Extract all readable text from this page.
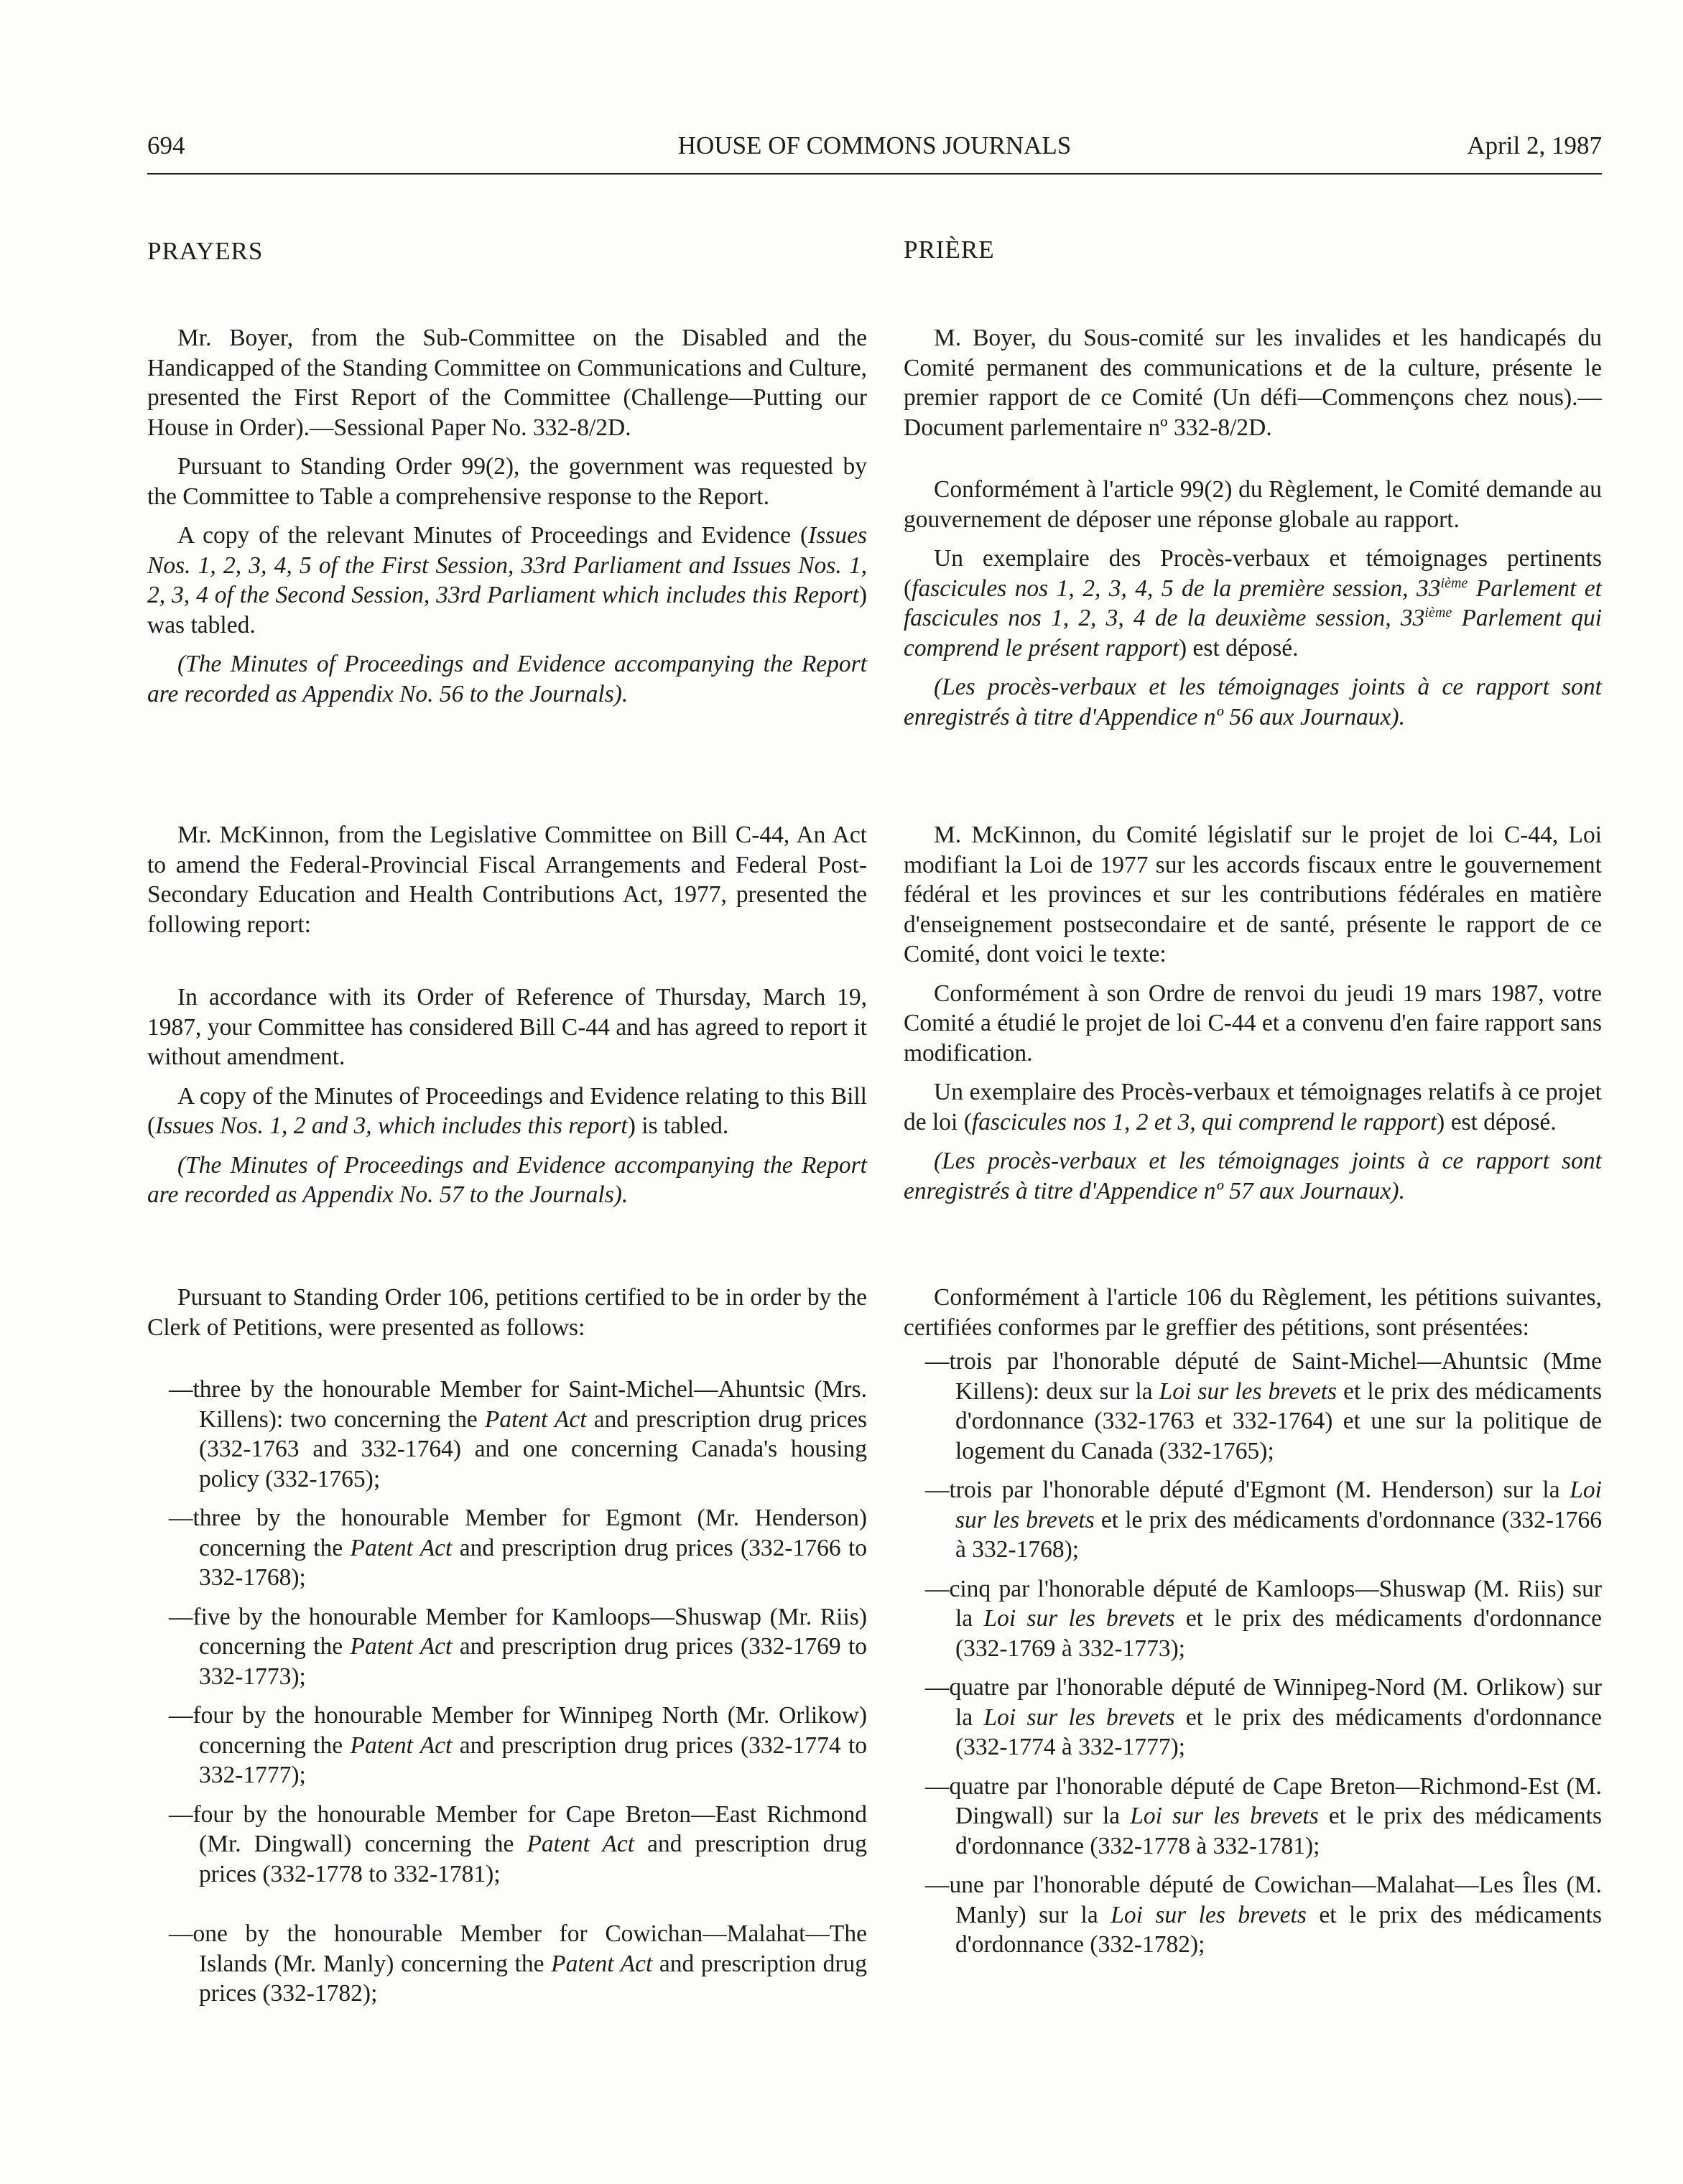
694	HOUSE OF COMMONS JOURNALS	April 2, 1987
PRAYERS

Mr. Boyer, from the Sub-Committee on the Disabled and the Handicapped of the Standing Committee on Communications and Culture, presented the First Report of the Committee (Challenge—Putting our House in Order).—Sessional Paper No. 332-8/2D.

Pursuant to Standing Order 99(2), the government was requested by the Committee to Table a comprehensive response to the Report.

A copy of the relevant Minutes of Proceedings and Evidence (Issues Nos. 1, 2, 3, 4, 5 of the First Session, 33rd Parliament and Issues Nos. 1, 2, 3, 4 of the Second Session, 33rd Parliament which includes this Report) was tabled.

(The Minutes of Proceedings and Evidence accompanying the Report are recorded as Appendix No. 56 to the Journals).

Mr. McKinnon, from the Legislative Committee on Bill C-44, An Act to amend the Federal-Provincial Fiscal Arrangements and Federal Post-Secondary Education and Health Contributions Act, 1977, presented the following report:

In accordance with its Order of Reference of Thursday, March 19, 1987, your Committee has considered Bill C-44 and has agreed to report it without amendment.

A copy of the Minutes of Proceedings and Evidence relating to this Bill (Issues Nos. 1, 2 and 3, which includes this report) is tabled.

(The Minutes of Proceedings and Evidence accompanying the Report are recorded as Appendix No. 57 to the Journals).

Pursuant to Standing Order 106, petitions certified to be in order by the Clerk of Petitions, were presented as follows:

—three by the honourable Member for Saint-Michel—Ahuntsic (Mrs. Killens): two concerning the Patent Act and prescription drug prices (332-1763 and 332-1764) and one concerning Canada's housing policy (332-1765);
—three by the honourable Member for Egmont (Mr. Henderson) concerning the Patent Act and prescription drug prices (332-1766 to 332-1768);
—five by the honourable Member for Kamloops—Shuswap (Mr. Riis) concerning the Patent Act and prescription drug prices (332-1769 to 332-1773);
—four by the honourable Member for Winnipeg North (Mr. Orlikow) concerning the Patent Act and prescription drug prices (332-1774 to 332-1777);
—four by the honourable Member for Cape Breton—East Richmond (Mr. Dingwall) concerning the Patent Act and prescription drug prices (332-1778 to 332-1781);
—one by the honourable Member for Cowichan—Malahat—The Islands (Mr. Manly) concerning the Patent Act and prescription drug prices (332-1782);
PRIÈRE

M. Boyer, du Sous-comité sur les invalides et les handicapés du Comité permanent des communications et de la culture, présente le premier rapport de ce Comité (Un défi—Commençons chez nous).—Document parlementaire nº 332-8/2D.

Conformément à l'article 99(2) du Règlement, le Comité demande au gouvernement de déposer une réponse globale au rapport.

Un exemplaire des Procès-verbaux et témoignages pertinents (fascicules nos 1, 2, 3, 4, 5 de la première session, 33ième Parlement et fascicules nos 1, 2, 3, 4 de la deuxième session, 33ième Parlement qui comprend le présent rapport) est déposé.

(Les procès-verbaux et les témoignages joints à ce rapport sont enregistrés à titre d'Appendice nº 56 aux Journaux).

M. McKinnon, du Comité législatif sur le projet de loi C-44, Loi modifiant la Loi de 1977 sur les accords fiscaux entre le gouvernement fédéral et les provinces et sur les contributions fédérales en matière d'enseignement postsecondaire et de santé, présente le rapport de ce Comité, dont voici le texte:

Conformément à son Ordre de renvoi du jeudi 19 mars 1987, votre Comité a étudié le projet de loi C-44 et a convenu d'en faire rapport sans modification.

Un exemplaire des Procès-verbaux et témoignages relatifs à ce projet de loi (fascicules nos 1, 2 et 3, qui comprend le rapport) est déposé.

(Les procès-verbaux et les témoignages joints à ce rapport sont enregistrés à titre d'Appendice nº 57 aux Journaux).

Conformément à l'article 106 du Règlement, les pétitions suivantes, certifiées conformes par le greffier des pétitions, sont présentées:

—trois par l'honorable député de Saint-Michel—Ahuntsic (Mme Killens): deux sur la Loi sur les brevets et le prix des médicaments d'ordonnance (332-1763 et 332-1764) et une sur la politique de logement du Canada (332-1765);
—trois par l'honorable député d'Egmont (M. Henderson) sur la Loi sur les brevets et le prix des médicaments d'ordonnance (332-1766 à 332-1768);
—cinq par l'honorable député de Kamloops—Shuswap (M. Riis) sur la Loi sur les brevets et le prix des médicaments d'ordonnance (332-1769 à 332-1773);
—quatre par l'honorable député de Winnipeg-Nord (M. Orlikow) sur la Loi sur les brevets et le prix des médicaments d'ordonnance (332-1774 à 332-1777);
—quatre par l'honorable député de Cape Breton—Richmond-Est (M. Dingwall) sur la Loi sur les brevets et le prix des médicaments d'ordonnance (332-1778 à 332-1781);
—une par l'honorable député de Cowichan—Malahat—Les Îles (M. Manly) sur la Loi sur les brevets et le prix des médicaments d'ordonnance (332-1782);
